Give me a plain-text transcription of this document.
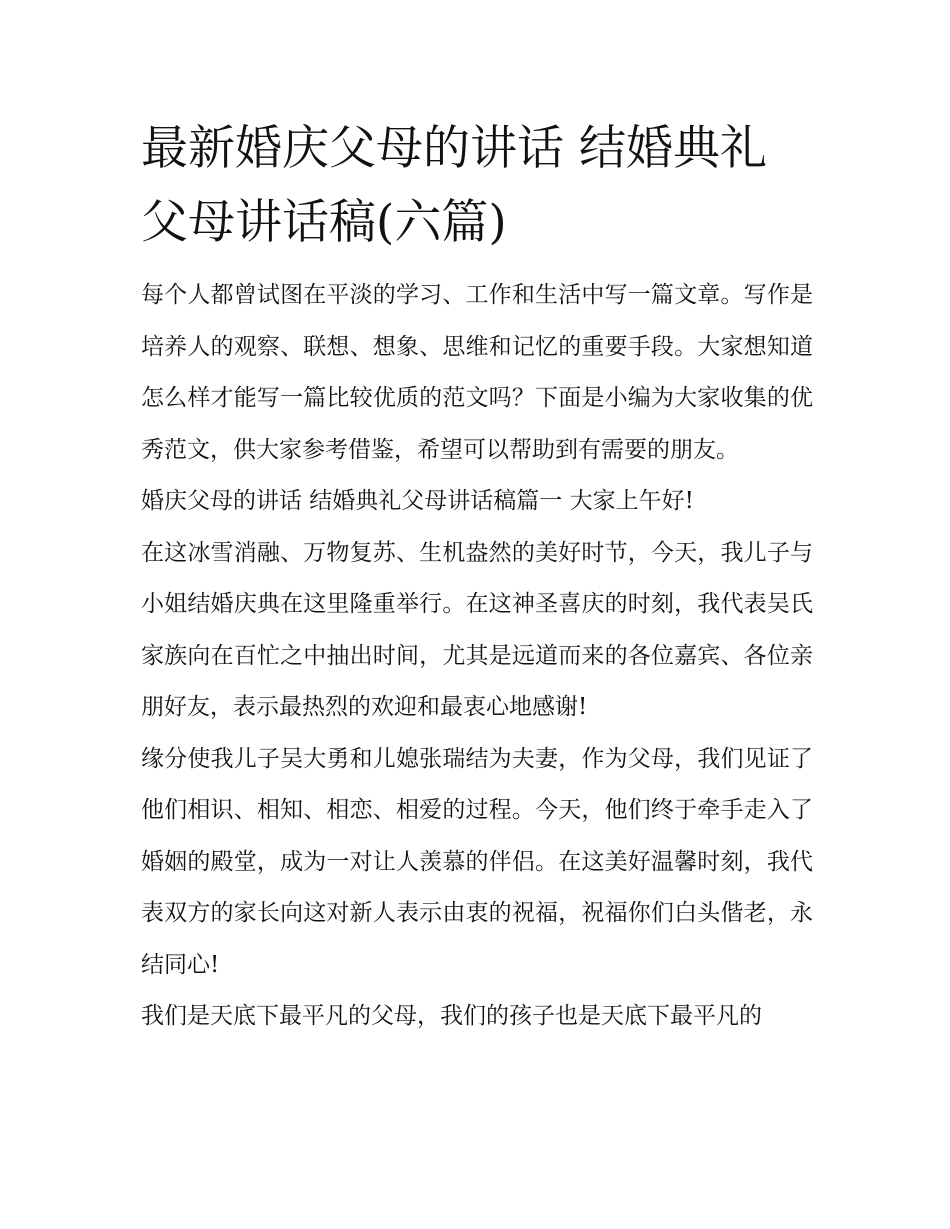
最新婚庆父母的讲话 结婚典礼父母讲话稿(六篇)

每个人都曾试图在平淡的学习、工作和生活中写一篇文章。写作是培养人的观察、联想、想象、思维和记忆的重要手段。大家想知道怎么样才能写一篇比较优质的范文吗？下面是小编为大家收集的优秀范文，供大家参考借鉴，希望可以帮助到有需要的朋友。

婚庆父母的讲话 结婚典礼父母讲话稿篇一 大家上午好!

在这冰雪消融、万物复苏、生机盎然的美好时节，今天，我儿子与小姐结婚庆典在这里隆重举行。在这神圣喜庆的时刻，我代表吴氏家族向在百忙之中抽出时间，尤其是远道而来的各位嘉宾、各位亲朋好友，表示最热烈的欢迎和最衷心地感谢!

缘分使我儿子吴大勇和儿媳张瑞结为夫妻，作为父母，我们见证了他们相识、相知、相恋、相爱的过程。今天，他们终于牵手走入了婚姻的殿堂，成为一对让人羡慕的伴侣。在这美好温馨时刻，我代表双方的家长向这对新人表示由衷的祝福，祝福你们白头偕老，永结同心!

我们是天底下最平凡的父母，我们的孩子也是天底下最平凡的
